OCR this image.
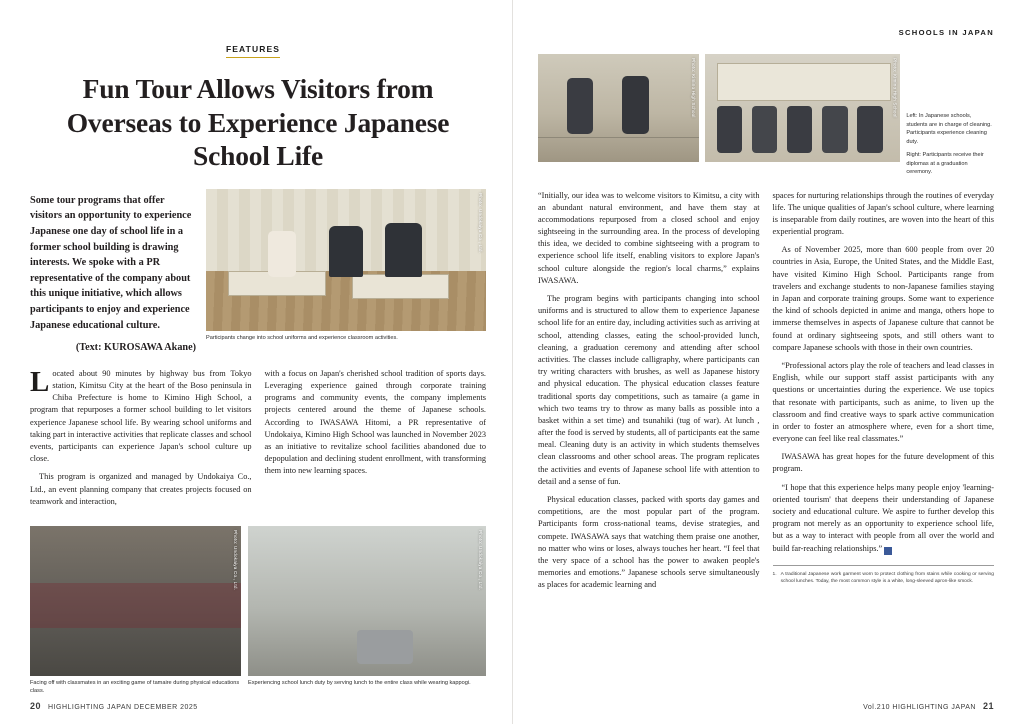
FEATURES
Fun Tour Allows Visitors from Overseas to Experience Japanese School Life
Some tour programs that offer visitors an opportunity to experience Japanese one day of school life in a former school building is drawing interests. We spoke with a PR representative of the company about this unique initiative, which allows participants to enjoy and experience Japanese educational culture.
(Text: KUROSAWA Akane)
Photo: Undokaiya Co., Ltd.
Participants change into school uniforms and experience classroom activities.

Located about 90 minutes by highway bus from Tokyo station, Kimitsu City at the heart of the Boso peninsula in Chiba Prefecture is home to Kimino High School, a program that repurposes a former school building to let visitors experience Japanese school life. By wearing school uniforms and taking part in interactive activities that replicate classes and school events, participants can experience Japan's school culture up close.

This program is organized and managed by Undokaiya Co., Ltd., an event planning company that creates projects focused on teamwork and interaction,

with a focus on Japan's cherished school tradition of sports days. Leveraging experience gained through corporate training programs and community events, the company implements projects centered around the theme of Japanese schools. According to IWASAWA Hitomi, a PR representative of Undokaiya, Kimino High School was launched in November 2023 as an initiative to revitalize school facilities abandoned due to depopulation and declining student enrollment, with transforming them into new learning spaces.

Photo: Undokaiya Co., Ltd.
Facing off with classmates in an exciting game of tamaire during physical educations class.
Photo: Undokaiya Co., Ltd.
Experiencing school lunch duty by serving lunch to the entire class while wearing kappogi.
20 HIGHLIGHTING JAPAN DECEMBER 2025
SCHOOLS IN JAPAN
Photo: Kimino High School	Photo: Kimino High School Left: In Japanese schools, students are in charge of cleaning. Participants experience cleaning duty.
Right: Participants receive their diplomas at a graduation ceremony.

“Initially, our idea was to welcome visitors to Kimitsu, a city with an abundant natural environment, and have them stay at accommodations repurposed from a closed school and enjoy sightseeing in the surrounding area. In the process of developing this idea, we decided to combine sightseeing with a program to experience school life itself, enabling visitors to explore Japan's school culture alongside the region's local charms,” explains IWASAWA.

The program begins with participants changing into school uniforms and is structured to allow them to experience Japanese school life for an entire day, including activities such as arriving at school, attending classes, eating the school-provided lunch, cleaning, a graduation ceremony and attending after school activities. The classes include calligraphy, where participants can try writing characters with brushes, as well as Japanese history and physical education. The physical education classes feature traditional sports day competitions, such as tamaire (a game in which two teams try to throw as many balls as possible into a basket within a set time) and tsunahiki (tug of war). At lunch , after the food is served by students, all of participants eat the same meal. Cleaning duty is an activity in which students themselves clean classrooms and other school areas. The program replicates the activities and events of Japanese school life with attention to detail and a sense of fun.

Physical education classes, packed with sports day games and competitions, are the most popular part of the program. Participants form cross-national teams, devise strategies, and compete. IWASAWA says that watching them praise one another, no matter who wins or loses, always touches her heart. “I feel that the very space of a school has the power to awaken people's memories and emotions.” Japanese schools serve simultaneously as places for academic learning and

spaces for nurturing relationships through the routines of everyday life. The unique qualities of Japan's school culture, where learning is inseparable from daily routines, are woven into the heart of this experiential program.

As of November 2025, more than 600 people from over 20 countries in Asia, Europe, the United States, and the Middle East, have visited Kimino High School. Participants range from travelers and exchange students to non-Japanese families staying in Japan and corporate training groups. Some want to experience the kind of schools depicted in anime and manga, others hope to immerse themselves in aspects of Japanese culture that cannot be found at ordinary sightseeing spots, and still others want to compare Japanese schools with those in their own countries.

“Professional actors play the role of teachers and lead classes in English, while our support staff assist participants with any questions or uncertainties during the experience. We use topics that resonate with participants, such as anime, to liven up the classroom and find creative ways to spark active communication in order to foster an atmosphere where, even for a short time, everyone can feel like real classmates.”

IWASAWA has great hopes for the future development of this program.

“I hope that this experience helps many people enjoy 'learning-oriented tourism' that deepens their understanding of Japanese society and educational culture. We aspire to further develop this program not merely as an opportunity to experience school life, but as a way to interact with people from all over the world and build far-reaching relationships.” f

1. A traditional Japanese work garment worn to protect clothing from stains while cooking or serving school lunches. Today, the most common style is a white, long-sleeved apron-like smock.
Vol.210 HIGHLIGHTING JAPAN 21
